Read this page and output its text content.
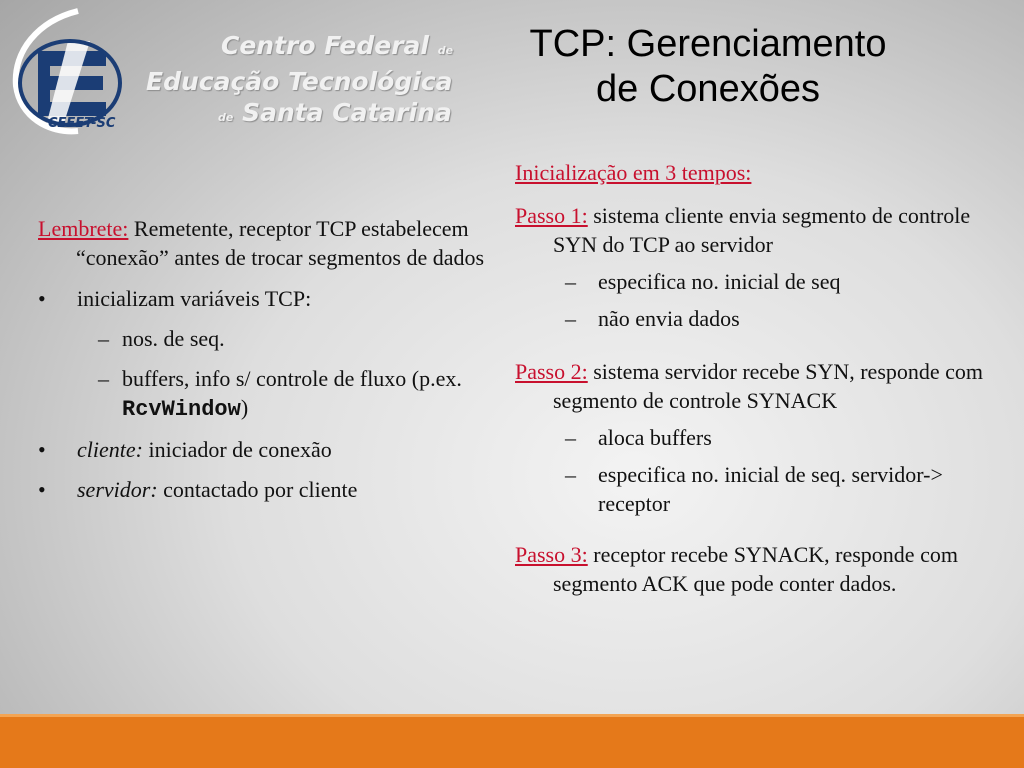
CEFET-SC
Centro Federal de
Educação Tecnológica
de Santa Catarina
TCP: Gerenciamento
de Conexões

Lembrete: Remetente, receptor TCP estabelecem “conexão” antes de trocar segmentos de dados

• inicializam variáveis TCP:
– nos. de seq.
– buffers, info s/ controle de fluxo (p.ex. RcvWindow)
• cliente: iniciador de conexão
• servidor: contactado por cliente

Inicialização em 3 tempos:

Passo 1: sistema cliente envia segmento de controle SYN do TCP ao servidor

– especifica no. inicial de seq
– não envia dados

Passo 2: sistema servidor recebe SYN, responde com segmento de controle SYNACK

– aloca buffers
– especifica no. inicial de seq. servidor-> receptor

Passo 3: receptor recebe SYNACK, responde com segmento ACK que pode conter dados.
